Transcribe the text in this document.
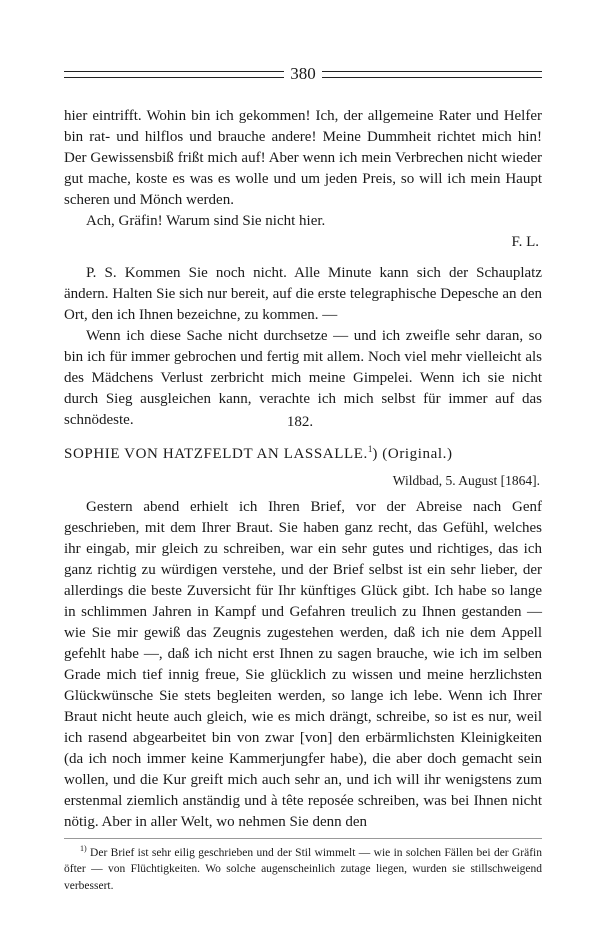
380

hier eintrifft. Wohin bin ich gekommen! Ich, der allgemeine Rater und Helfer bin rat- und hilflos und brauche andere! Meine Dummheit richtet mich hin! Der Gewissensbiß frißt mich auf! Aber wenn ich mein Verbrechen nicht wieder gut mache, koste es was es wolle und um jeden Preis, so will ich mein Haupt scheren und Mönch werden.

Ach, Gräfin! Warum sind Sie nicht hier.

F. L.

P. S. Kommen Sie noch nicht. Alle Minute kann sich der Schauplatz ändern. Halten Sie sich nur bereit, auf die erste telegraphische Depesche an den Ort, den ich Ihnen bezeichne, zu kommen. —

Wenn ich diese Sache nicht durchsetze — und ich zweifle sehr daran, so bin ich für immer gebrochen und fertig mit allem. Noch viel mehr vielleicht als des Mädchens Verlust zerbricht mich meine Gimpelei. Wenn ich sie nicht durch Sieg ausgleichen kann, verachte ich mich selbst für immer auf das schnödeste.	182.
SOPHIE VON HATZFELDT AN LASSALLE.$^1$) (Original.)
Wildbad, 5. August [1864].

Gestern abend erhielt ich Ihren Brief, vor der Abreise nach Genf geschrieben, mit dem Ihrer Braut. Sie haben ganz recht, das Gefühl, welches ihr eingab, mir gleich zu schreiben, war ein sehr gutes und richtiges, das ich ganz richtig zu würdigen verstehe, und der Brief selbst ist ein sehr lieber, der allerdings die beste Zuversicht für Ihr künftiges Glück gibt. Ich habe so lange in schlimmen Jahren in Kampf und Gefahren treulich zu Ihnen gestanden — wie Sie mir gewiß das Zeugnis zugestehen werden, daß ich nie dem Appell gefehlt habe —, daß ich nicht erst Ihnen zu sagen brauche, wie ich im selben Grade mich tief innig freue, Sie glücklich zu wissen und meine herzlichsten Glückwünsche Sie stets begleiten werden, so lange ich lebe. Wenn ich Ihrer Braut nicht heute auch gleich, wie es mich drängt, schreibe, so ist es nur, weil ich rasend abgearbeitet bin von zwar [von] den erbärmlichsten Kleinigkeiten (da ich noch immer keine Kammerjungfer habe), die aber doch gemacht sein wollen, und die Kur greift mich auch sehr an, und ich will ihr wenigstens zum erstenmal ziemlich anständig und à tête reposée schreiben, was bei Ihnen nicht nötig. Aber in aller Welt, wo nehmen Sie denn den

$^{1)}$ Der Brief ist sehr eilig geschrieben und der Stil wimmelt — wie in solchen Fällen bei der Gräfin öfter — von Flüchtigkeiten. Wo solche augenscheinlich zutage liegen, wurden sie stillschweigend verbessert.
